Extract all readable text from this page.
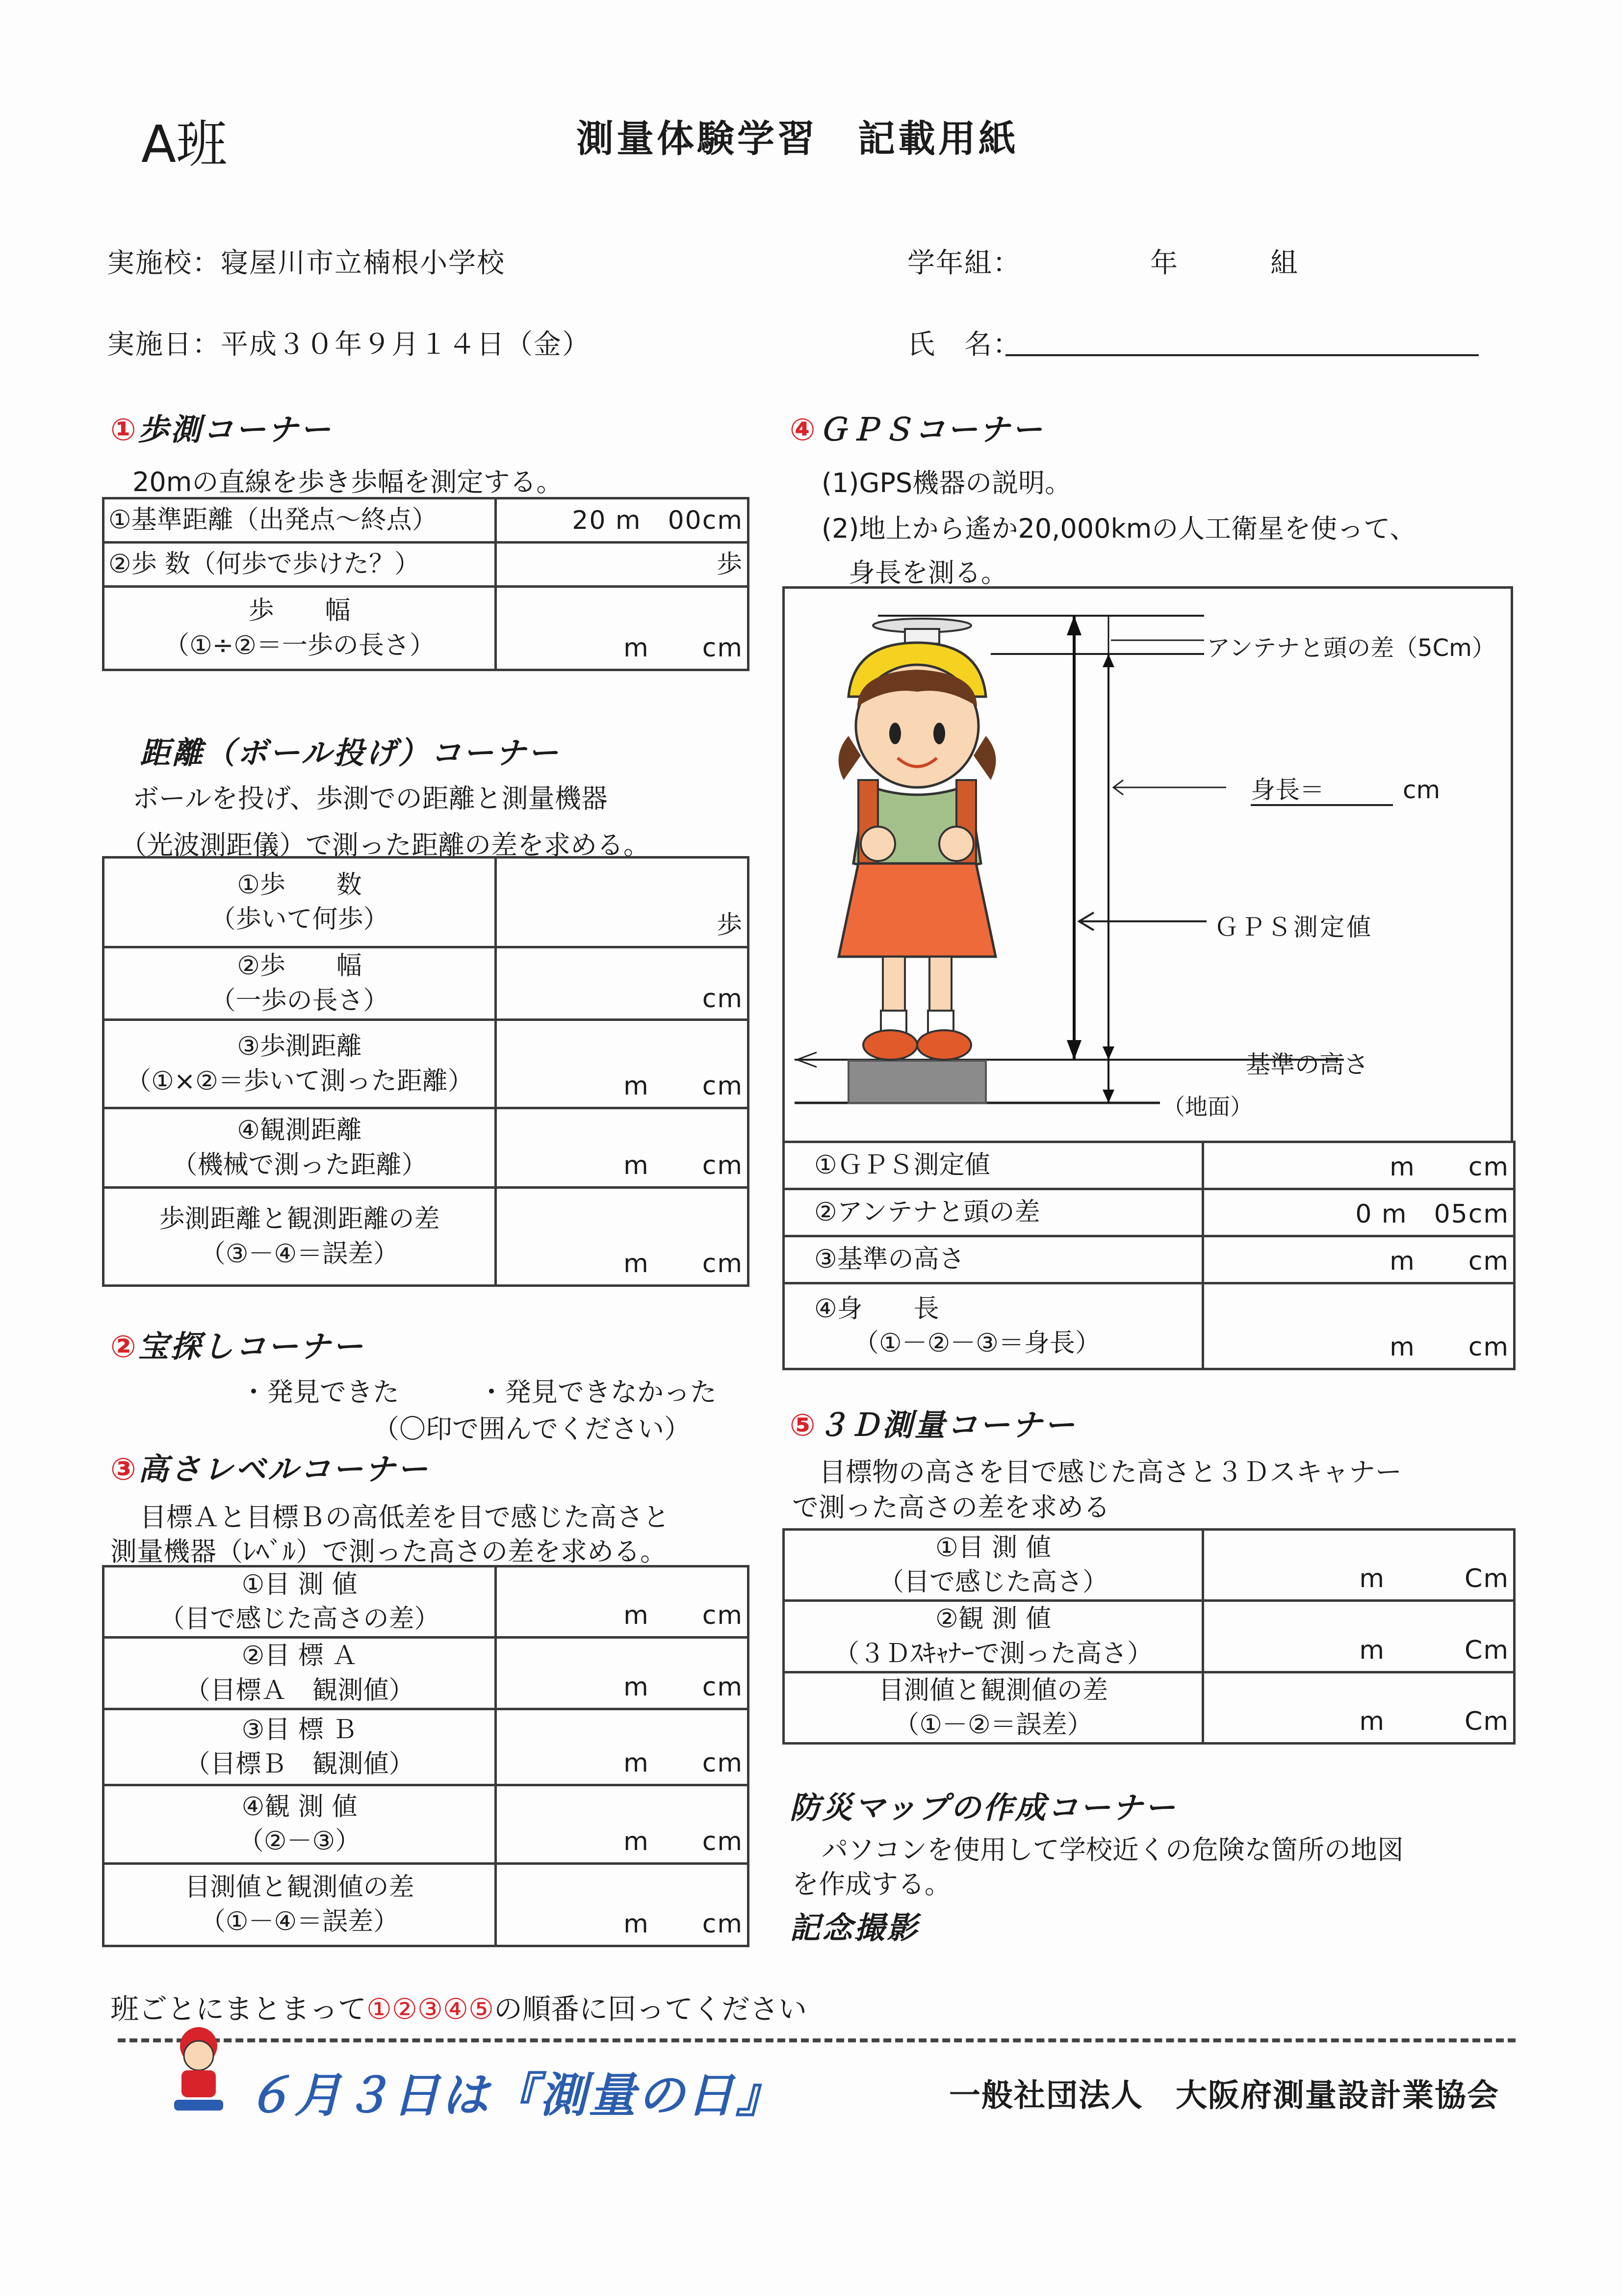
A班	測量体験学習　記載用紙
実施校：寝屋川市立楠根小学校
実施日：平成３０年９月１４日（金）
学年組：	年	組
氏　名：
①歩測コーナー
20mの直線を歩き歩幅を測定する。
①基準距離（出発点～終点）	20 m　00cm
②歩 数（何歩で歩けた？）	歩

歩　　幅
（①÷②＝一歩の長さ）	m　　cm
距離（ボール投げ）コーナー
ボールを投げ、歩測での距離と測量機器
（光波測距儀）で測った距離の差を求める。
①歩　　数
（歩いて何歩）	歩

②歩　　幅
（一歩の長さ）	cm

③歩測距離
（①×②＝歩いて測った距離）	m　　cm

④観測距離
（機械で測った距離）	m　　cm

歩測距離と観測距離の差
（③－④＝誤差）	m　　cm
②宝探しコーナー
・発見できた	・発見できなかった
（〇印で囲んでください）
③高さレベルコーナー
目標Ａと目標Ｂの高低差を目で感じた高さと
測量機器（ﾚﾍﾞﾙ）で測った高さの差を求める。
①目 測 値
（目で感じた高さの差）	m　　cm

②目 標 Ａ
（目標Ａ　観測値）	m　　cm

③目 標 Ｂ
（目標Ｂ　観測値）	m　　cm

④観 測 値
（②－③）	m　　cm

目測値と観測値の差
（①－④＝誤差）	m　　cm
④ＧＰＳコーナー
(1)GPS機器の説明。
(2)地上から遙か20,000kmの人工衛星を使って、
身長を測る。
アンテナと頭の差（5Cm）
身長＝	cm
ＧＰＳ測定値
基準の高さ
（地面）
①ＧＰＳ測定値	m　　cm
②アンテナと頭の差	0 m　05cm
③基準の高さ	m　　cm

④身　　長
（①－②－③＝身長）	m　　cm
⑤３Ｄ測量コーナー
目標物の高さを目で感じた高さと３Ｄスキャナー
で測った高さの差を求める
①目 測 値
（目で感じた高さ）	m　　　Cm

②観 測 値
（３Ｄｽｷｬﾅｰで測った高さ）	m　　　Cm

目測値と観測値の差
（①－②＝誤差）	m　　　Cm
防災マップの作成コーナー
パソコンを使用して学校近くの危険な箇所の地図
を作成する。
記念撮影
班ごとにまとまって①②③④⑤の順番に回ってください
６月３日は『測量の日』	一般社団法人　大阪府測量設計業協会
